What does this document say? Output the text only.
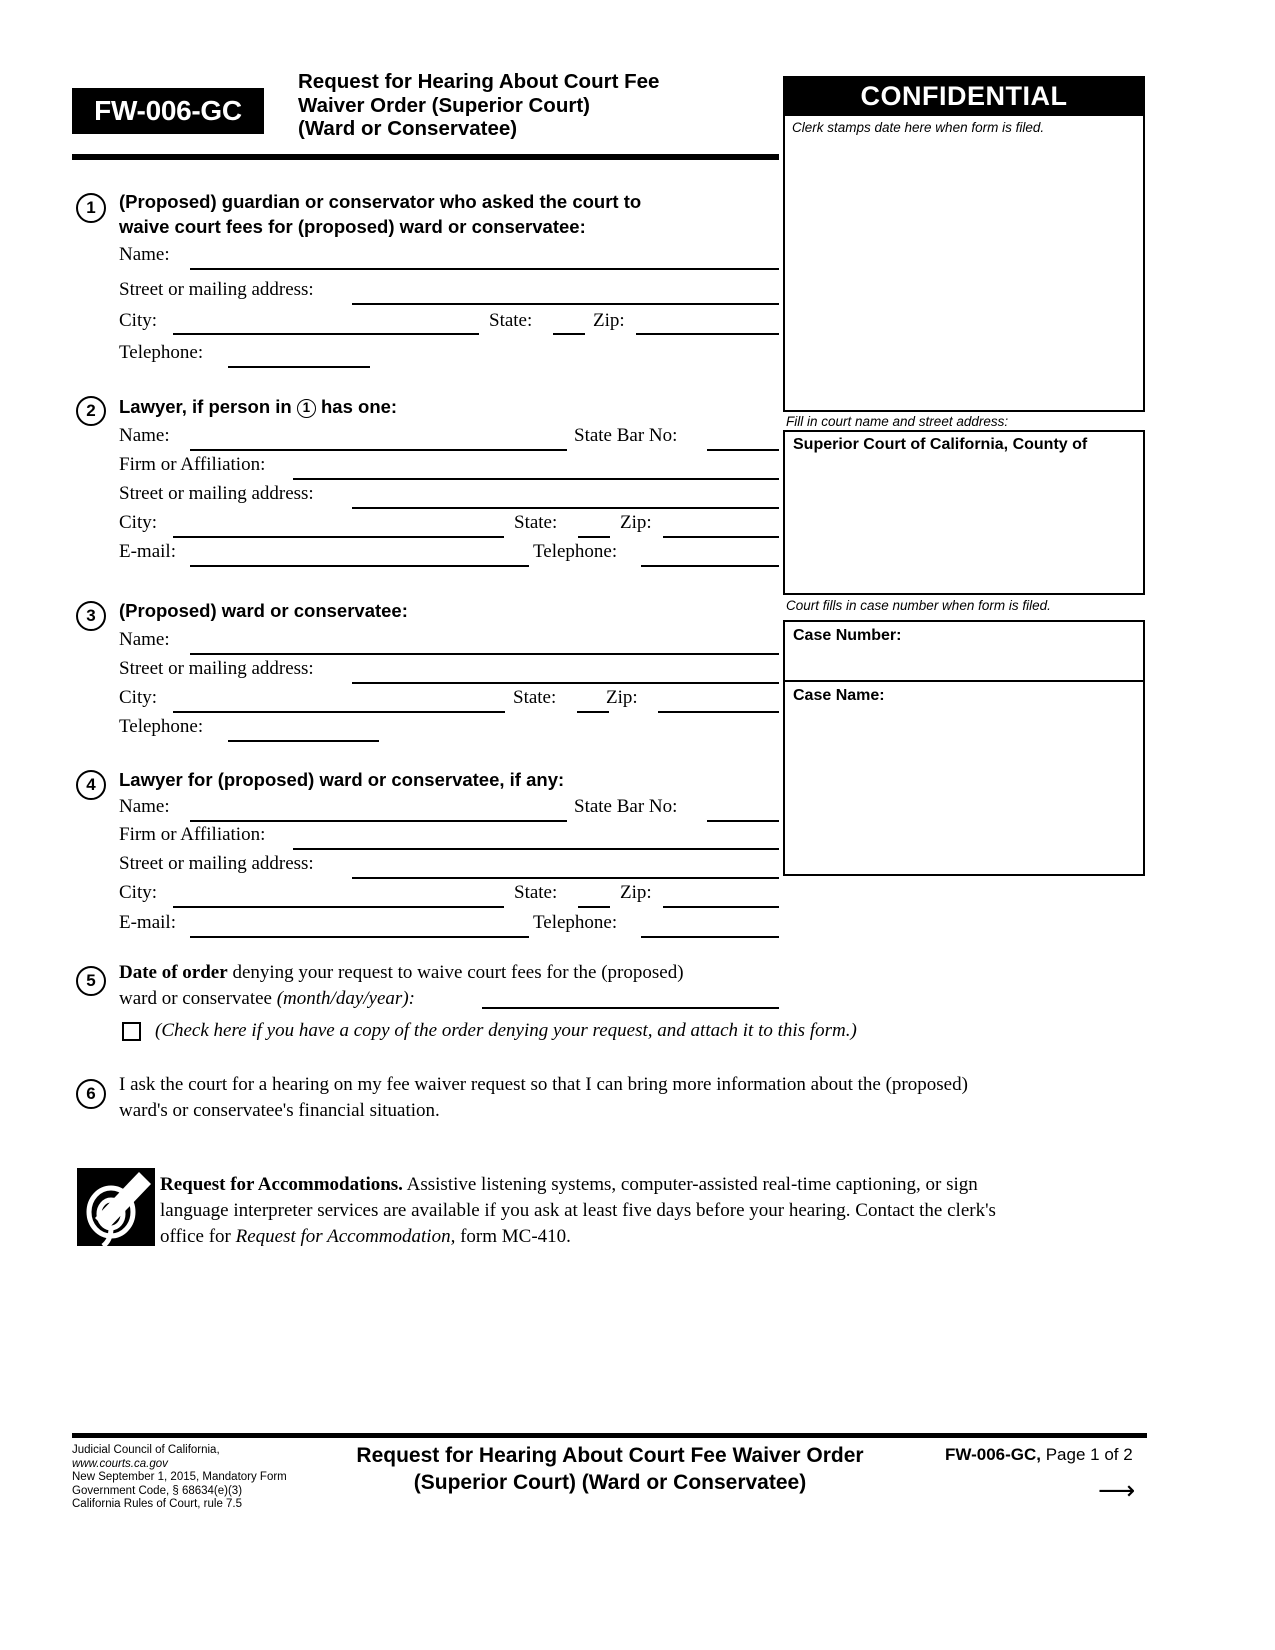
FW-006-GC
Request for Hearing About Court Fee
Waiver Order (Superior Court)
(Ward or Conservatee)
CONFIDENTIAL
Clerk stamps date here when form is filed.
Fill in court name and street address:
Superior Court of California, County of
Court fills in case number when form is filed.
Case Number:
Case Name:
1	(Proposed) guardian or conservator who asked the court to
waive court fees for (proposed) ward or conservatee:
Name:
Street or mailing address:
City:	State:	Zip:
Telephone:
2	Lawyer, if person in 1 has one:
Name:	State Bar No:
Firm or Affiliation:
Street or mailing address:
City:	State:	Zip:
E-mail:	Telephone:
3	(Proposed) ward or conservatee:
Name:
Street or mailing address:
City:	State:	Zip:
Telephone:
4	Lawyer for (proposed) ward or conservatee, if any:
Name:	State Bar No:
Firm or Affiliation:
Street or mailing address:
City:	State:	Zip:
E-mail:	Telephone:
5	Date of order denying your request to waive court fees for the (proposed)
ward or conservatee (month/day/year):
(Check here if you have a copy of the order denying your request, and attach it to this form.)
6	I ask the court for a hearing on my fee waiver request so that I can bring more information about the (proposed)
ward's or conservatee's financial situation.
Request for Accommodations. Assistive listening systems, computer-assisted real-time captioning, or sign
language interpreter services are available if you ask at least five days before your hearing. Contact the clerk's
office for Request for Accommodation, form MC-410.
Judicial Council of California,
www.courts.ca.gov
New September 1, 2015, Mandatory Form
Government Code, § 68634(e)(3)
California Rules of Court, rule 7.5
Request for Hearing About Court Fee Waiver Order
(Superior Court) (Ward or Conservatee)
FW-006-GC, Page 1 of 2
⟶
